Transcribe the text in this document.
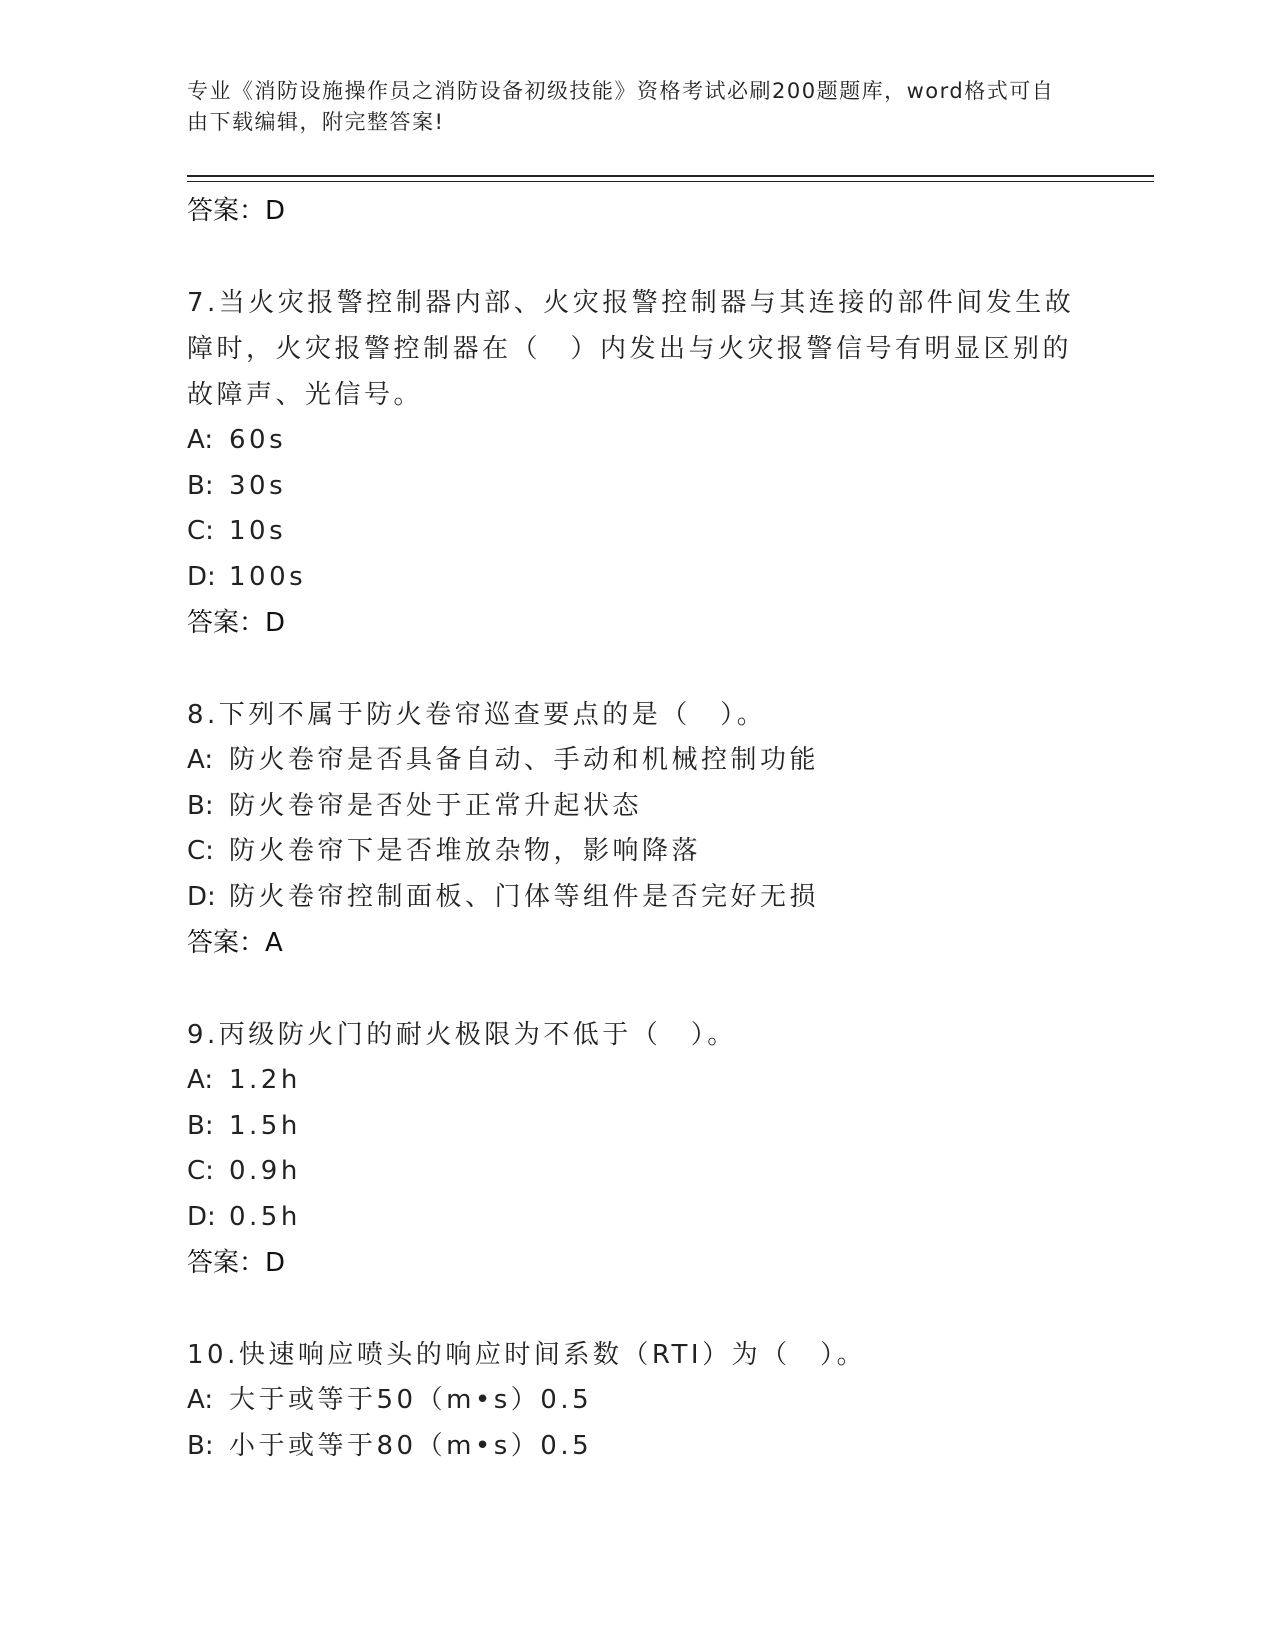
专业《消防设施操作员之消防设备初级技能》资格考试必刷200题题库，word格式可自由下载编辑，附完整答案!

答案：D

7.当火灾报警控制器内部、火灾报警控制器与其连接的部件间发生故障时，火灾报警控制器在（　）内发出与火灾报警信号有明显区别的故障声、光信号。

A: 60s

B: 30s

C: 10s

D: 100s

答案：D

8.下列不属于防火卷帘巡查要点的是（　）。

A: 防火卷帘是否具备自动、手动和机械控制功能

B: 防火卷帘是否处于正常升起状态

C: 防火卷帘下是否堆放杂物，影响降落

D: 防火卷帘控制面板、门体等组件是否完好无损

答案：A

9.丙级防火门的耐火极限为不低于（　）。

A: 1.2h

B: 1.5h

C: 0.9h

D: 0.5h

答案：D

10.快速响应喷头的响应时间系数（RTI）为（　）。

A: 大于或等于50（m•s）0.5

B: 小于或等于80（m•s）0.5
